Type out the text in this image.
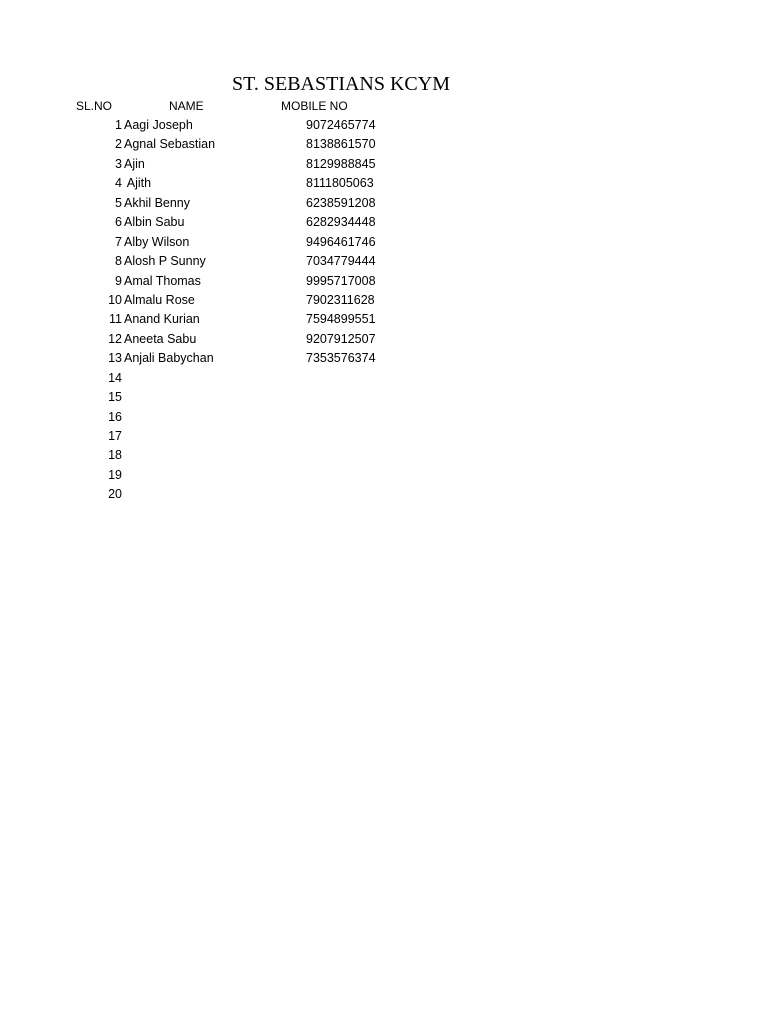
ST. SEBASTIANS KCYM
SL.NO	NAME	MOBILE NO
1 Aagi Joseph	9072465774
2 Agnal Sebastian	8138861570
3 Ajin	8129988845
4 Ajith	8111805063
5 Akhil Benny	6238591208
6 Albin Sabu	6282934448
7 Alby Wilson	9496461746
8 Alosh P Sunny	7034779444
9 Amal Thomas	9995717008
10 Almalu Rose	7902311628
11 Anand Kurian	7594899551
12 Aneeta Sabu	9207912507
13 Anjali Babychan	7353576374
14
15
16
17
18
19
20
